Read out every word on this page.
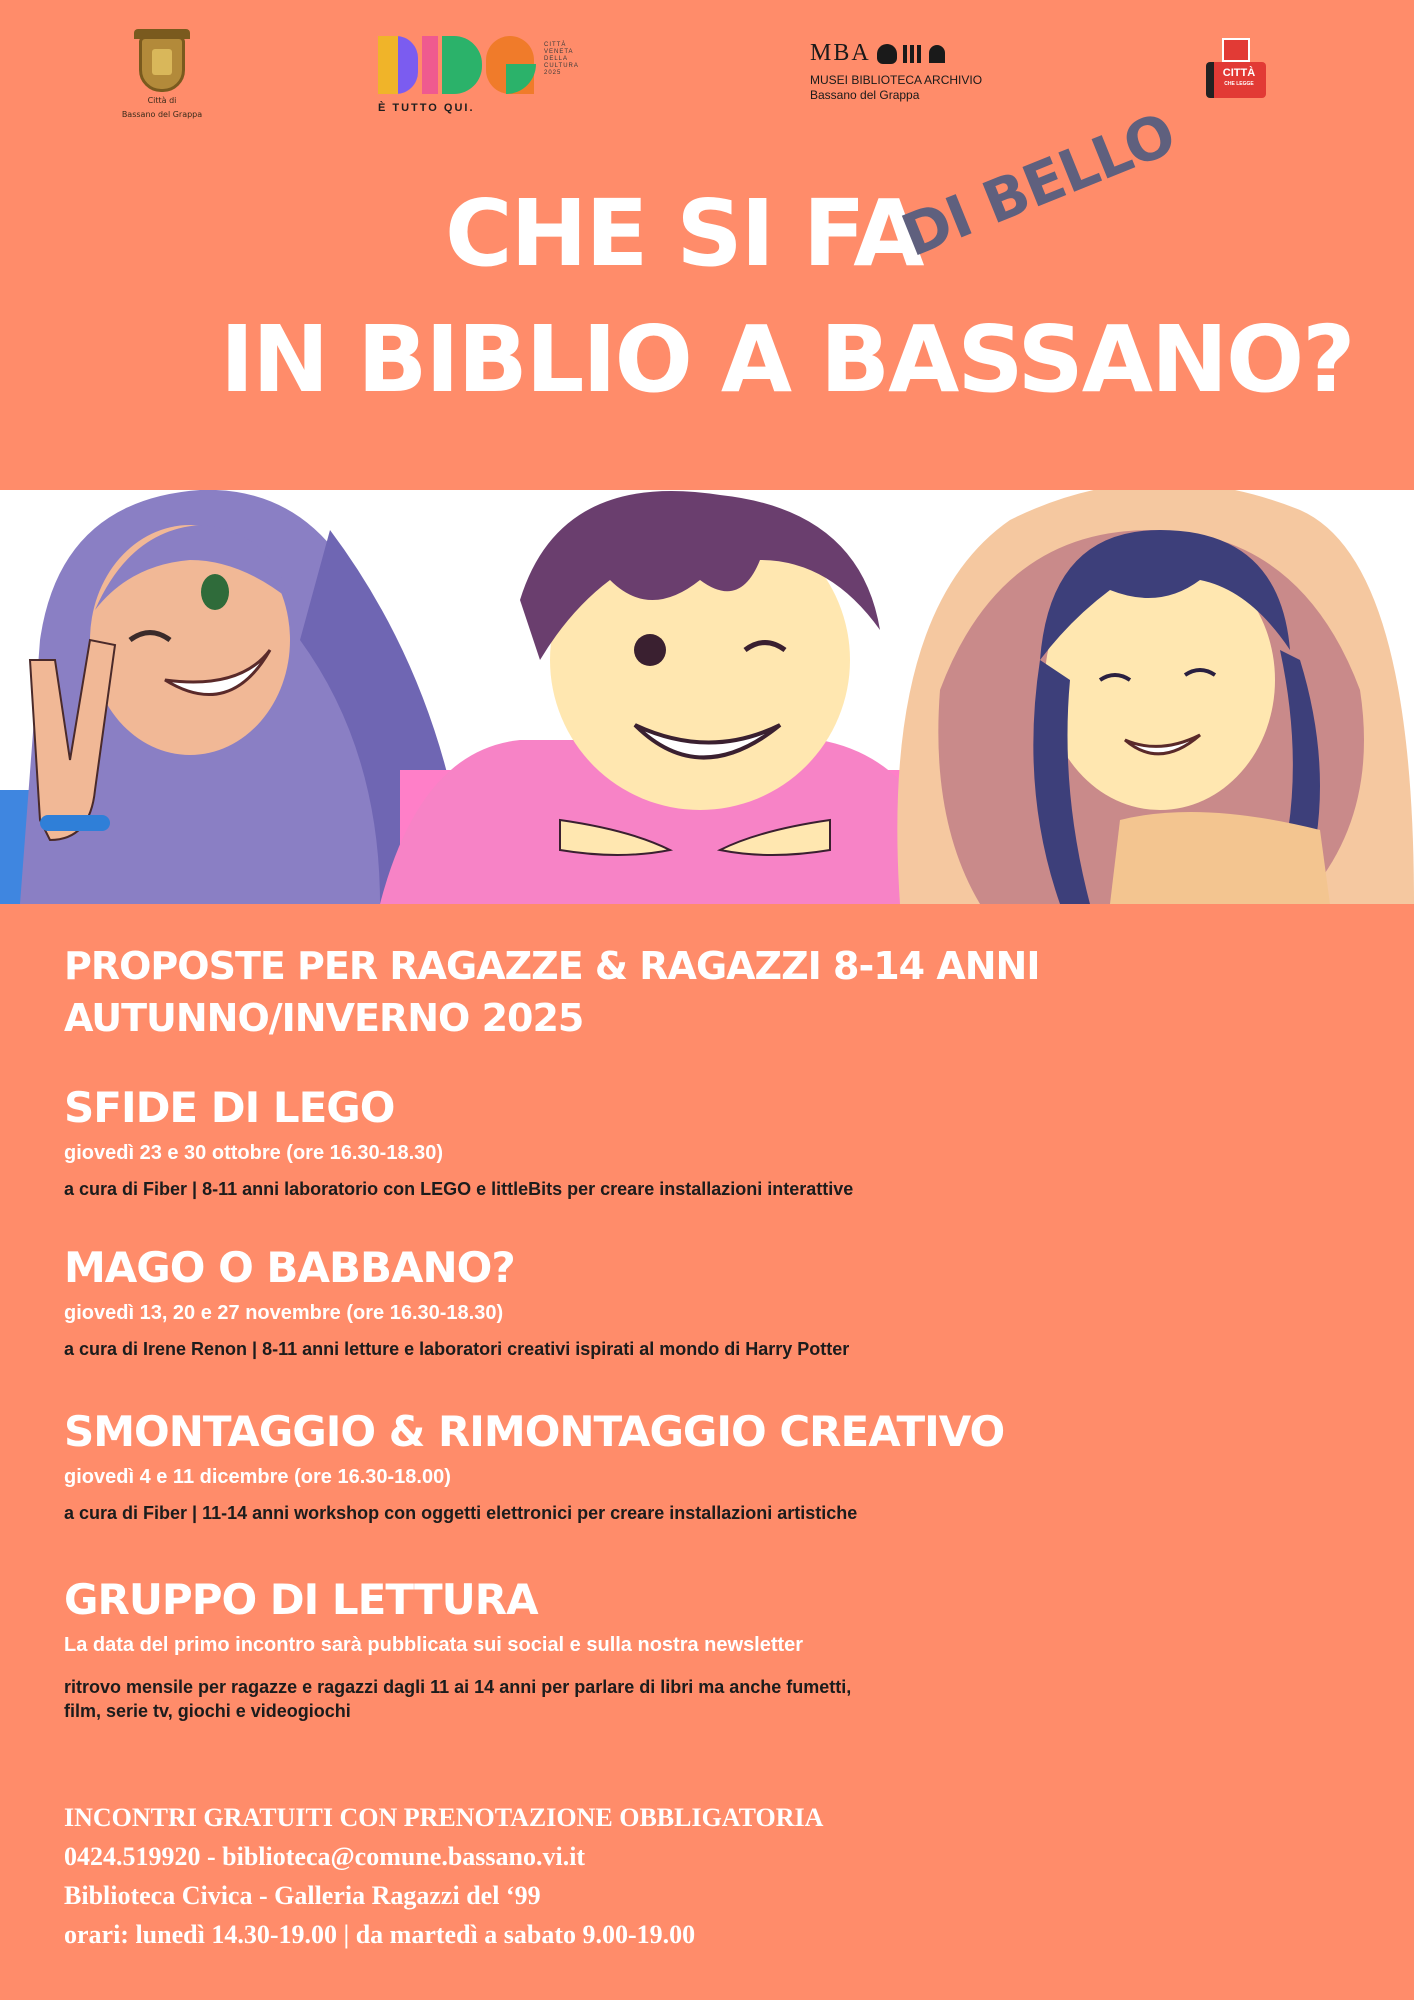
Città di
Bassano del Grappa
È TUTTO QUI.
CITTÀ VENETA DELLA CULTURA 2025
MBA
MUSEI BIBLIOTECA ARCHIVIO
Bassano del Grappa
CITTÀ
CHE LEGGE
CHE SI FA
DI BELLO
IN BIBLIO A BASSANO?
PROPOSTE PER RAGAZZE & RAGAZZI 8-14 ANNI
AUTUNNO/INVERNO 2025
SFIDE DI LEGO
giovedì 23 e 30 ottobre (ore 16.30-18.30)
a cura di Fiber | 8-11 anni laboratorio con LEGO e littleBits per creare installazioni interattive
MAGO O BABBANO?
giovedì 13, 20 e 27 novembre (ore 16.30-18.30)
a cura di Irene Renon | 8-11 anni letture e laboratori creativi ispirati al mondo di Harry Potter
SMONTAGGIO & RIMONTAGGIO CREATIVO
giovedì 4 e 11 dicembre (ore 16.30-18.00)
a cura di Fiber | 11-14 anni workshop con oggetti elettronici per creare installazioni artistiche
GRUPPO DI LETTURA
La data del primo incontro sarà pubblicata sui social e sulla nostra newsletter
ritrovo mensile per ragazze e ragazzi dagli 11 ai 14 anni per parlare di libri ma anche fumetti,
film, serie tv, giochi e videogiochi
INCONTRI GRATUITI CON PRENOTAZIONE OBBLIGATORIA
0424.519920 - biblioteca@comune.bassano.vi.it
Biblioteca Civica - Galleria Ragazzi del ‘99
orari: lunedì 14.30-19.00 | da martedì a sabato 9.00-19.00
